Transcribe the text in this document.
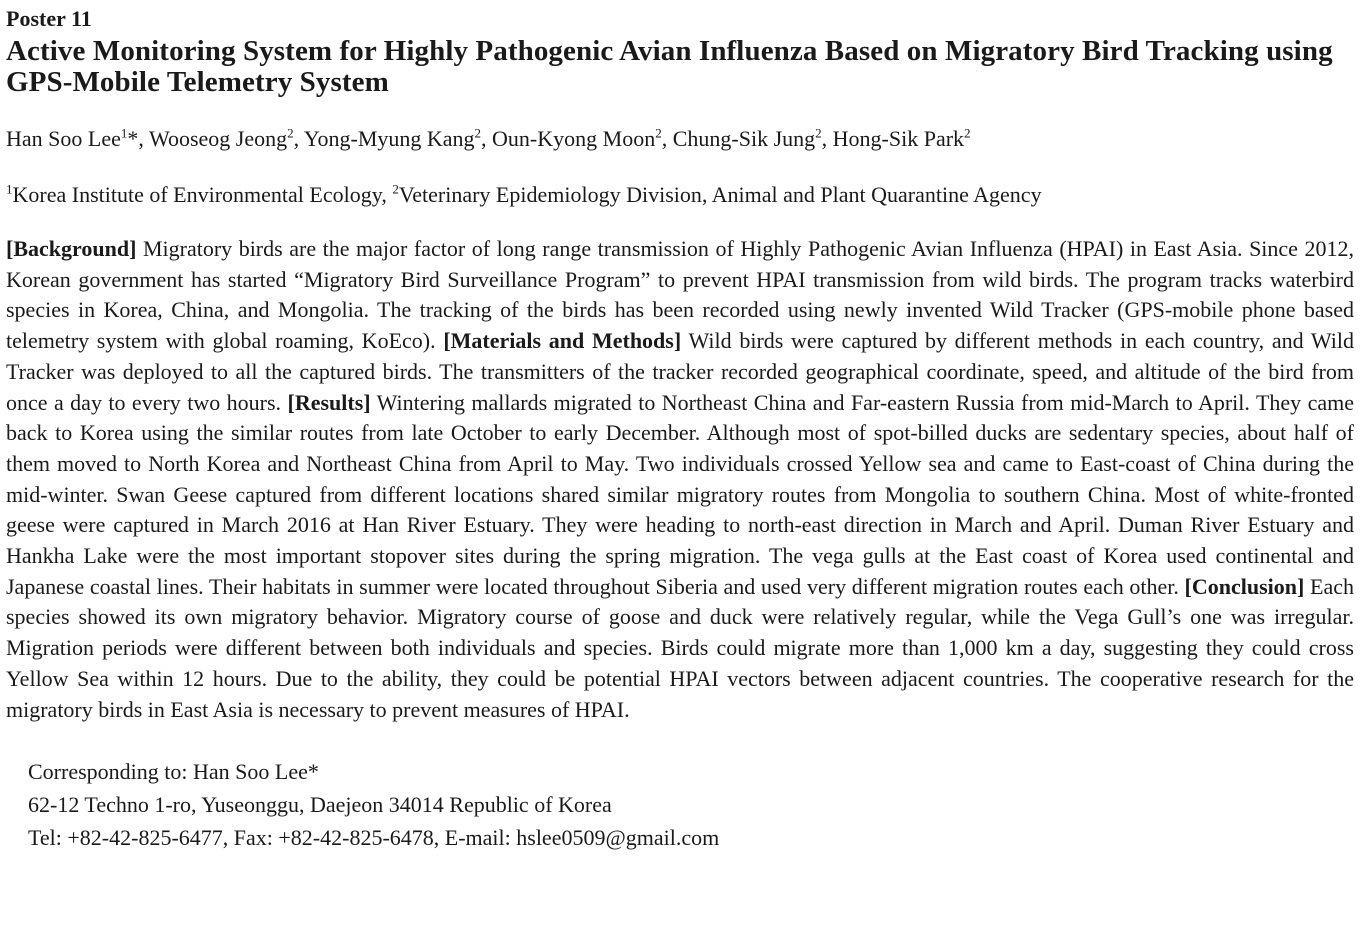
Poster 11
Active Monitoring System for Highly Pathogenic Avian Influenza Based on Migratory Bird Tracking using GPS-Mobile Telemetry System
Han Soo Lee$^1$*, Wooseog Jeong$^2$, Yong-Myung Kang$^2$, Oun-Kyong Moon$^2$, Chung-Sik Jung$^2$, Hong-Sik Park$^2$
$^1$Korea Institute of Environmental Ecology, $^2$Veterinary Epidemiology Division, Animal and Plant Quarantine Agency
[Background] Migratory birds are the major factor of long range transmission of Highly Pathogenic Avian Influenza (HPAI) in East Asia. Since 2012, Korean government has started “Migratory Bird Surveillance Program” to prevent HPAI transmission from wild birds. The program tracks waterbird species in Korea, China, and Mongolia. The tracking of the birds has been recorded using newly invented Wild Tracker (GPS-mobile phone based telemetry system with global roaming, KoEco). [Materials and Methods] Wild birds were captured by different methods in each country, and Wild Tracker was deployed to all the captured birds. The transmitters of the tracker recorded geographical coordinate, speed, and altitude of the bird from once a day to every two hours. [Results] Wintering mallards migrated to Northeast China and Far-eastern Russia from mid-March to April. They came back to Korea using the similar routes from late October to early December. Although most of spot-billed ducks are sedentary species, about half of them moved to North Korea and Northeast China from April to May. Two individuals crossed Yellow sea and came to East-coast of China during the mid-winter. Swan Geese captured from different locations shared similar migratory routes from Mongolia to southern China. Most of white-fronted geese were captured in March 2016 at Han River Estuary. They were heading to north-east direction in March and April. Duman River Estuary and Hankha Lake were the most important stopover sites during the spring migration. The vega gulls at the East coast of Korea used continental and Japanese coastal lines. Their habitats in summer were located throughout Siberia and used very different migration routes each other. [Conclusion] Each species showed its own migratory behavior. Migratory course of goose and duck were relatively regular, while the Vega Gull’s one was irregular. Migration periods were different between both individuals and species. Birds could migrate more than 1,000 km a day, suggesting they could cross Yellow Sea within 12 hours. Due to the ability, they could be potential HPAI vectors between adjacent countries. The cooperative research for the migratory birds in East Asia is necessary to prevent measures of HPAI.
Corresponding to: Han Soo Lee*
62-12 Techno 1-ro, Yuseonggu, Daejeon 34014 Republic of Korea
Tel: +82-42-825-6477, Fax: +82-42-825-6478, E-mail: hslee0509@gmail.com
